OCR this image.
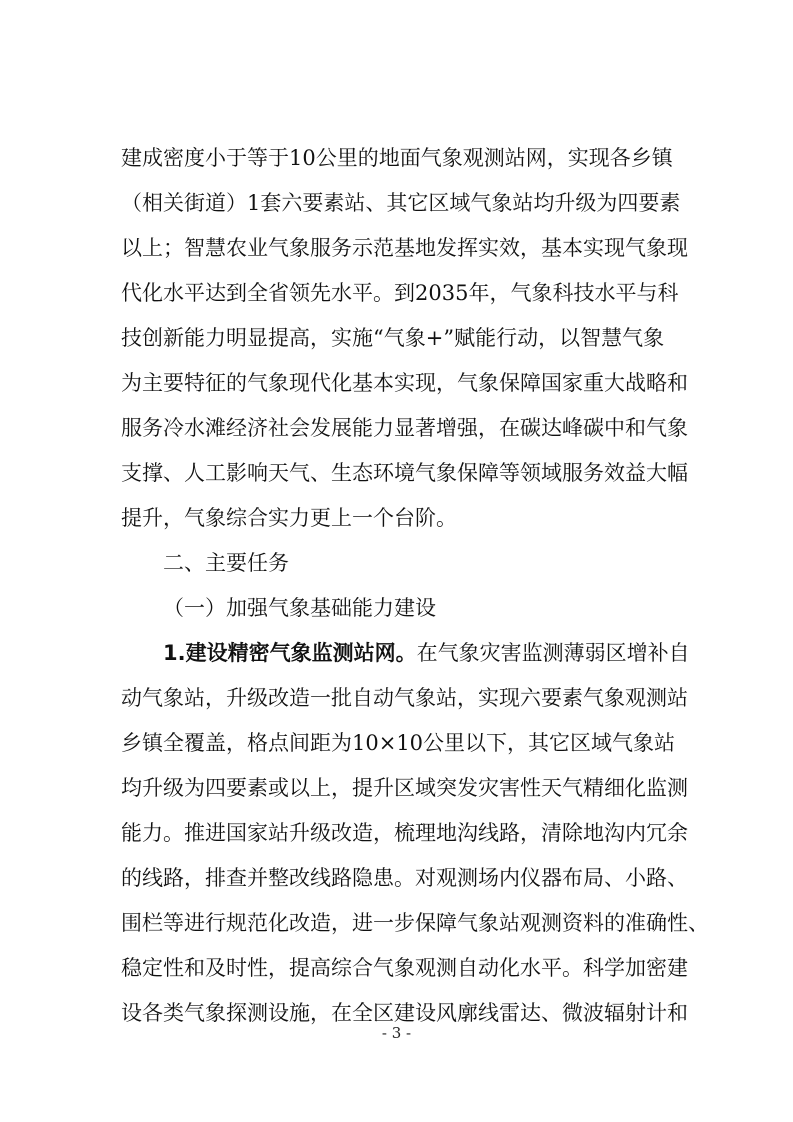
建成密度小于等于10公里的地面气象观测站网，实现各乡镇
（相关街道）1套六要素站、其它区域气象站均升级为四要素
以上；智慧农业气象服务示范基地发挥实效，基本实现气象现
代化水平达到全省领先水平。到2035年，气象科技水平与科
技创新能力明显提高，实施“气象+”赋能行动，以智慧气象
为主要特征的气象现代化基本实现，气象保障国家重大战略和
服务冷水滩经济社会发展能力显著增强，在碳达峰碳中和气象
支撑、人工影响天气、生态环境气象保障等领域服务效益大幅
提升，气象综合实力更上一个台阶。
二、主要任务
（一）加强气象基础能力建设
1.建设精密气象监测站网。在气象灾害监测薄弱区增补自
动气象站，升级改造一批自动气象站，实现六要素气象观测站
乡镇全覆盖，格点间距为10×10公里以下，其它区域气象站
均升级为四要素或以上，提升区域突发灾害性天气精细化监测
能力。推进国家站升级改造，梳理地沟线路，清除地沟内冗余
的线路，排查并整改线路隐患。对观测场内仪器布局、小路、
围栏等进行规范化改造，进一步保障气象站观测资料的准确性、
稳定性和及时性，提高综合气象观测自动化水平。科学加密建
设各类气象探测设施，在全区建设风廓线雷达、微波辐射计和
- 3 -
